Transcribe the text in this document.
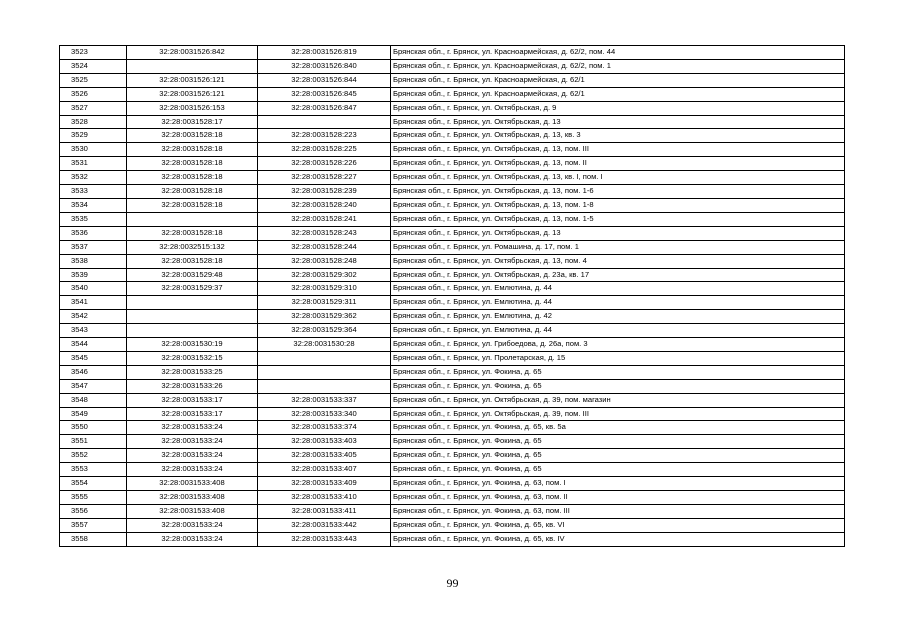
3523	32:28:0031526:842	32:28:0031526:819	Брянская обл., г. Брянск, ул. Красноармейская, д. 62/2, пом. 44
3524		32:28:0031526:840	Брянская обл., г. Брянск, ул. Красноармейская, д. 62/2, пом. 1
3525	32:28:0031526:121	32:28:0031526:844	Брянская обл., г. Брянск, ул. Красноармейская, д. 62/1
3526	32:28:0031526:121	32:28:0031526:845	Брянская обл., г. Брянск, ул. Красноармейская, д. 62/1
3527	32:28:0031526:153	32:28:0031526:847	Брянская обл., г. Брянск, ул. Октябрьская, д. 9
3528	32:28:0031528:17		Брянская обл., г. Брянск, ул. Октябрьская, д. 13
3529	32:28:0031528:18	32:28:0031528:223	Брянская обл., г. Брянск, ул. Октябрьская, д. 13, кв. 3
3530	32:28:0031528:18	32:28:0031528:225	Брянская обл., г. Брянск, ул. Октябрьская, д. 13, пом. III
3531	32:28:0031528:18	32:28:0031528:226	Брянская обл., г. Брянск, ул. Октябрьская, д. 13, пом. II
3532	32:28:0031528:18	32:28:0031528:227	Брянская обл., г. Брянск, ул. Октябрьская, д. 13, кв. I, пом. I
3533	32:28:0031528:18	32:28:0031528:239	Брянская обл., г. Брянск, ул. Октябрьская, д. 13, пом. 1-6
3534	32:28:0031528:18	32:28:0031528:240	Брянская обл., г. Брянск, ул. Октябрьская, д. 13, пом. 1-8
3535		32:28:0031528:241	Брянская обл., г. Брянск, ул. Октябрьская, д. 13, пом. 1-5
3536	32:28:0031528:18	32:28:0031528:243	Брянская обл., г. Брянск, ул. Октябрьская, д. 13
3537	32:28:0032515:132	32:28:0031528:244	Брянская обл., г. Брянск, ул. Ромашина, д. 17, пом. 1
3538	32:28:0031528:18	32:28:0031528:248	Брянская обл., г. Брянск, ул. Октябрьская, д. 13, пом. 4
3539	32:28:0031529:48	32:28:0031529:302	Брянская обл., г. Брянск, ул. Октябрьская, д. 23а, кв. 17
3540	32:28:0031529:37	32:28:0031529:310	Брянская обл., г. Брянск, ул. Емлютина, д. 44
3541		32:28:0031529:311	Брянская обл., г. Брянск, ул. Емлютина, д. 44
3542		32:28:0031529:362	Брянская обл., г. Брянск, ул. Емлютина, д. 42
3543		32:28:0031529:364	Брянская обл., г. Брянск, ул. Емлютина, д. 44
3544	32:28:0031530:19	32:28:0031530:28	Брянская обл., г. Брянск, ул. Грибоедова, д. 26а, пом. 3
3545	32:28:0031532:15		Брянская обл., г. Брянск, ул. Пролетарская, д. 15
3546	32:28:0031533:25		Брянская обл., г. Брянск, ул. Фокина, д. 65
3547	32:28:0031533:26		Брянская обл., г. Брянск, ул. Фокина, д. 65
3548	32:28:0031533:17	32:28:0031533:337	Брянская обл., г. Брянск, ул. Октябрьская, д. 39, пом. магазин
3549	32:28:0031533:17	32:28:0031533:340	Брянская обл., г. Брянск, ул. Октябрьская, д. 39, пом. III
3550	32:28:0031533:24	32:28:0031533:374	Брянская обл., г. Брянск, ул. Фокина, д. 65, кв. 5а
3551	32:28:0031533:24	32:28:0031533:403	Брянская обл., г. Брянск, ул. Фокина, д. 65
3552	32:28:0031533:24	32:28:0031533:405	Брянская обл., г. Брянск, ул. Фокина, д. 65
3553	32:28:0031533:24	32:28:0031533:407	Брянская обл., г. Брянск, ул. Фокина, д. 65
3554	32:28:0031533:408	32:28:0031533:409	Брянская обл., г. Брянск, ул. Фокина, д. 63, пом. I
3555	32:28:0031533:408	32:28:0031533:410	Брянская обл., г. Брянск, ул. Фокина, д. 63, пом. II
3556	32:28:0031533:408	32:28:0031533:411	Брянская обл., г. Брянск, ул. Фокина, д. 63, пом. III
3557	32:28:0031533:24	32:28:0031533:442	Брянская обл., г. Брянск, ул. Фокина, д. 65, кв. VI
3558	32:28:0031533:24	32:28:0031533:443	Брянская обл., г. Брянск, ул. Фокина, д. 65, кв. IV
99
